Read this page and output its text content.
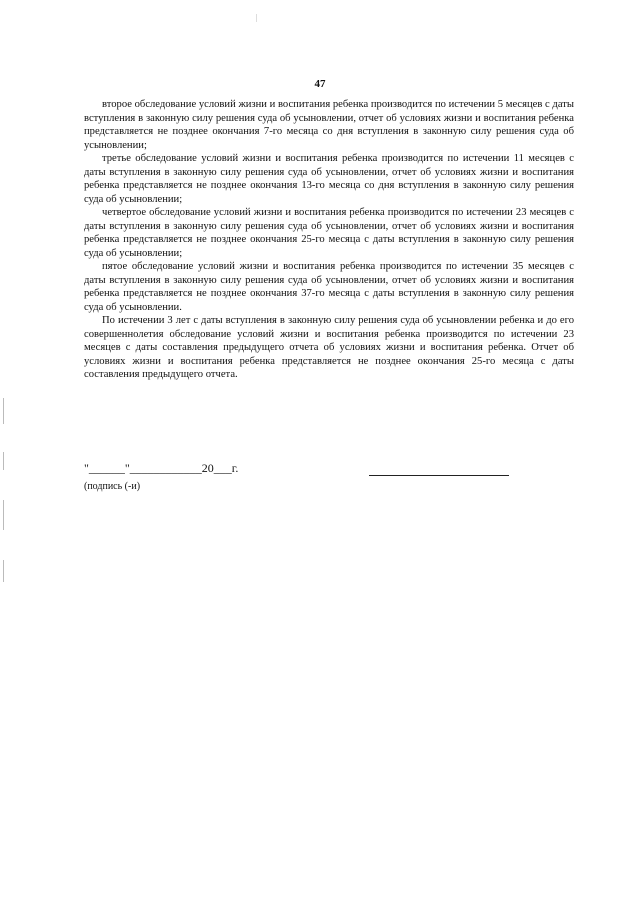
47

второе обследование условий жизни и воспитания ребенка производится по истечении 5 месяцев с даты вступления в законную силу решения суда об усыновлении, отчет об условиях жизни и воспитания ребенка представляется не позднее окончания 7-го месяца со дня вступления в законную силу решения суда об усыновлении;

третье обследование условий жизни и воспитания ребенка производится по истечении 11 месяцев с даты вступления в законную силу решения суда об усыновлении, отчет об условиях жизни и воспитания ребенка представляется не позднее окончания 13-го месяца со дня вступления в законную силу решения суда об усыновлении;

четвертое обследование условий жизни и воспитания ребенка производится по истечении 23 месяцев с даты вступления в законную силу решения суда об усыновлении, отчет об условиях жизни и воспитания ребенка представляется не позднее окончания 25-го месяца с даты вступления в законную силу решения суда об усыновлении;

пятое обследование условий жизни и воспитания ребенка производится по истечении 35 месяцев с даты вступления в законную силу решения суда об усыновлении, отчет об условиях жизни и воспитания ребенка представляется не позднее окончания 37-го месяца с даты вступления в законную силу решения суда об усыновлении.

По истечении 3 лет с даты вступления в законную силу решения суда об усыновлении ребенка и до его совершеннолетия обследование условий жизни и воспитания ребенка производится по истечении 23 месяцев с даты составления предыдущего отчета об условиях жизни и воспитания ребенка. Отчет об условиях жизни и воспитания ребенка представляется не позднее окончания 25-го месяца с даты составления предыдущего отчета.

"______"____________20___г.
(подпись (-и)
